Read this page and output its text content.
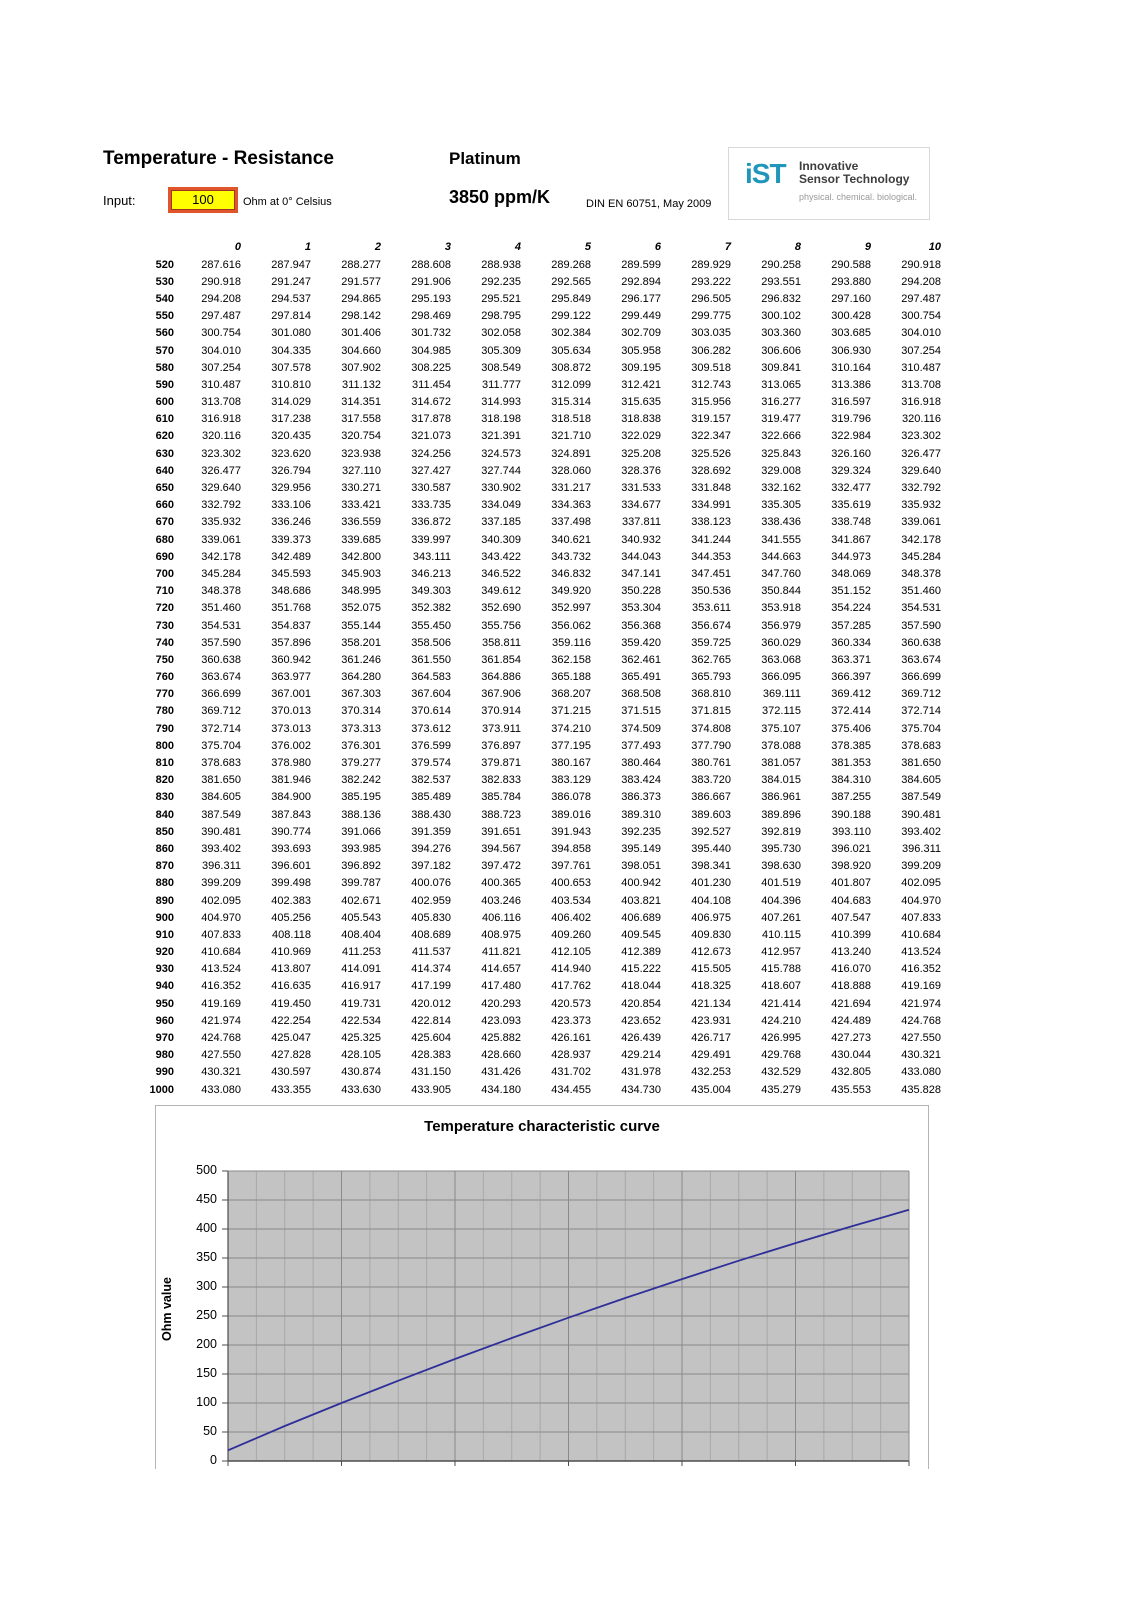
Temperature - Resistance	Platinum
Input:	100	Ohm at 0° Celsius	3850 ppm/K	DIN EN 60751, May 2009
iST Innovative
Sensor Technology
physical. chemical. biological.
0	1	2	3	4	5	6	7	8	9	10
520	287.616	287.947	288.277	288.608	288.938	289.268	289.599	289.929	290.258	290.588	290.918
530	290.918	291.247	291.577	291.906	292.235	292.565	292.894	293.222	293.551	293.880	294.208
540	294.208	294.537	294.865	295.193	295.521	295.849	296.177	296.505	296.832	297.160	297.487
550	297.487	297.814	298.142	298.469	298.795	299.122	299.449	299.775	300.102	300.428	300.754
560	300.754	301.080	301.406	301.732	302.058	302.384	302.709	303.035	303.360	303.685	304.010
570	304.010	304.335	304.660	304.985	305.309	305.634	305.958	306.282	306.606	306.930	307.254
580	307.254	307.578	307.902	308.225	308.549	308.872	309.195	309.518	309.841	310.164	310.487
590	310.487	310.810	311.132	311.454	311.777	312.099	312.421	312.743	313.065	313.386	313.708
600	313.708	314.029	314.351	314.672	314.993	315.314	315.635	315.956	316.277	316.597	316.918
610	316.918	317.238	317.558	317.878	318.198	318.518	318.838	319.157	319.477	319.796	320.116
620	320.116	320.435	320.754	321.073	321.391	321.710	322.029	322.347	322.666	322.984	323.302
630	323.302	323.620	323.938	324.256	324.573	324.891	325.208	325.526	325.843	326.160	326.477
640	326.477	326.794	327.110	327.427	327.744	328.060	328.376	328.692	329.008	329.324	329.640
650	329.640	329.956	330.271	330.587	330.902	331.217	331.533	331.848	332.162	332.477	332.792
660	332.792	333.106	333.421	333.735	334.049	334.363	334.677	334.991	335.305	335.619	335.932
670	335.932	336.246	336.559	336.872	337.185	337.498	337.811	338.123	338.436	338.748	339.061
680	339.061	339.373	339.685	339.997	340.309	340.621	340.932	341.244	341.555	341.867	342.178
690	342.178	342.489	342.800	343.111	343.422	343.732	344.043	344.353	344.663	344.973	345.284
700	345.284	345.593	345.903	346.213	346.522	346.832	347.141	347.451	347.760	348.069	348.378
710	348.378	348.686	348.995	349.303	349.612	349.920	350.228	350.536	350.844	351.152	351.460
720	351.460	351.768	352.075	352.382	352.690	352.997	353.304	353.611	353.918	354.224	354.531
730	354.531	354.837	355.144	355.450	355.756	356.062	356.368	356.674	356.979	357.285	357.590
740	357.590	357.896	358.201	358.506	358.811	359.116	359.420	359.725	360.029	360.334	360.638
750	360.638	360.942	361.246	361.550	361.854	362.158	362.461	362.765	363.068	363.371	363.674
760	363.674	363.977	364.280	364.583	364.886	365.188	365.491	365.793	366.095	366.397	366.699
770	366.699	367.001	367.303	367.604	367.906	368.207	368.508	368.810	369.111	369.412	369.712
780	369.712	370.013	370.314	370.614	370.914	371.215	371.515	371.815	372.115	372.414	372.714
790	372.714	373.013	373.313	373.612	373.911	374.210	374.509	374.808	375.107	375.406	375.704
800	375.704	376.002	376.301	376.599	376.897	377.195	377.493	377.790	378.088	378.385	378.683
810	378.683	378.980	379.277	379.574	379.871	380.167	380.464	380.761	381.057	381.353	381.650
820	381.650	381.946	382.242	382.537	382.833	383.129	383.424	383.720	384.015	384.310	384.605
830	384.605	384.900	385.195	385.489	385.784	386.078	386.373	386.667	386.961	387.255	387.549
840	387.549	387.843	388.136	388.430	388.723	389.016	389.310	389.603	389.896	390.188	390.481
850	390.481	390.774	391.066	391.359	391.651	391.943	392.235	392.527	392.819	393.110	393.402
860	393.402	393.693	393.985	394.276	394.567	394.858	395.149	395.440	395.730	396.021	396.311
870	396.311	396.601	396.892	397.182	397.472	397.761	398.051	398.341	398.630	398.920	399.209
880	399.209	399.498	399.787	400.076	400.365	400.653	400.942	401.230	401.519	401.807	402.095
890	402.095	402.383	402.671	402.959	403.246	403.534	403.821	404.108	404.396	404.683	404.970
900	404.970	405.256	405.543	405.830	406.116	406.402	406.689	406.975	407.261	407.547	407.833
910	407.833	408.118	408.404	408.689	408.975	409.260	409.545	409.830	410.115	410.399	410.684
920	410.684	410.969	411.253	411.537	411.821	412.105	412.389	412.673	412.957	413.240	413.524
930	413.524	413.807	414.091	414.374	414.657	414.940	415.222	415.505	415.788	416.070	416.352
940	416.352	416.635	416.917	417.199	417.480	417.762	418.044	418.325	418.607	418.888	419.169
950	419.169	419.450	419.731	420.012	420.293	420.573	420.854	421.134	421.414	421.694	421.974
960	421.974	422.254	422.534	422.814	423.093	423.373	423.652	423.931	424.210	424.489	424.768
970	424.768	425.047	425.325	425.604	425.882	426.161	426.439	426.717	426.995	427.273	427.550
980	427.550	427.828	428.105	428.383	428.660	428.937	429.214	429.491	429.768	430.044	430.321
990	430.321	430.597	430.874	431.150	431.426	431.702	431.978	432.253	432.529	432.805	433.080
1000	433.080	433.355	433.630	433.905	434.180	434.455	434.730	435.004	435.279	435.553	435.828
Temperature characteristic curve
Ohm value
500
450
400
350
300
250
200
150
100
50
0
